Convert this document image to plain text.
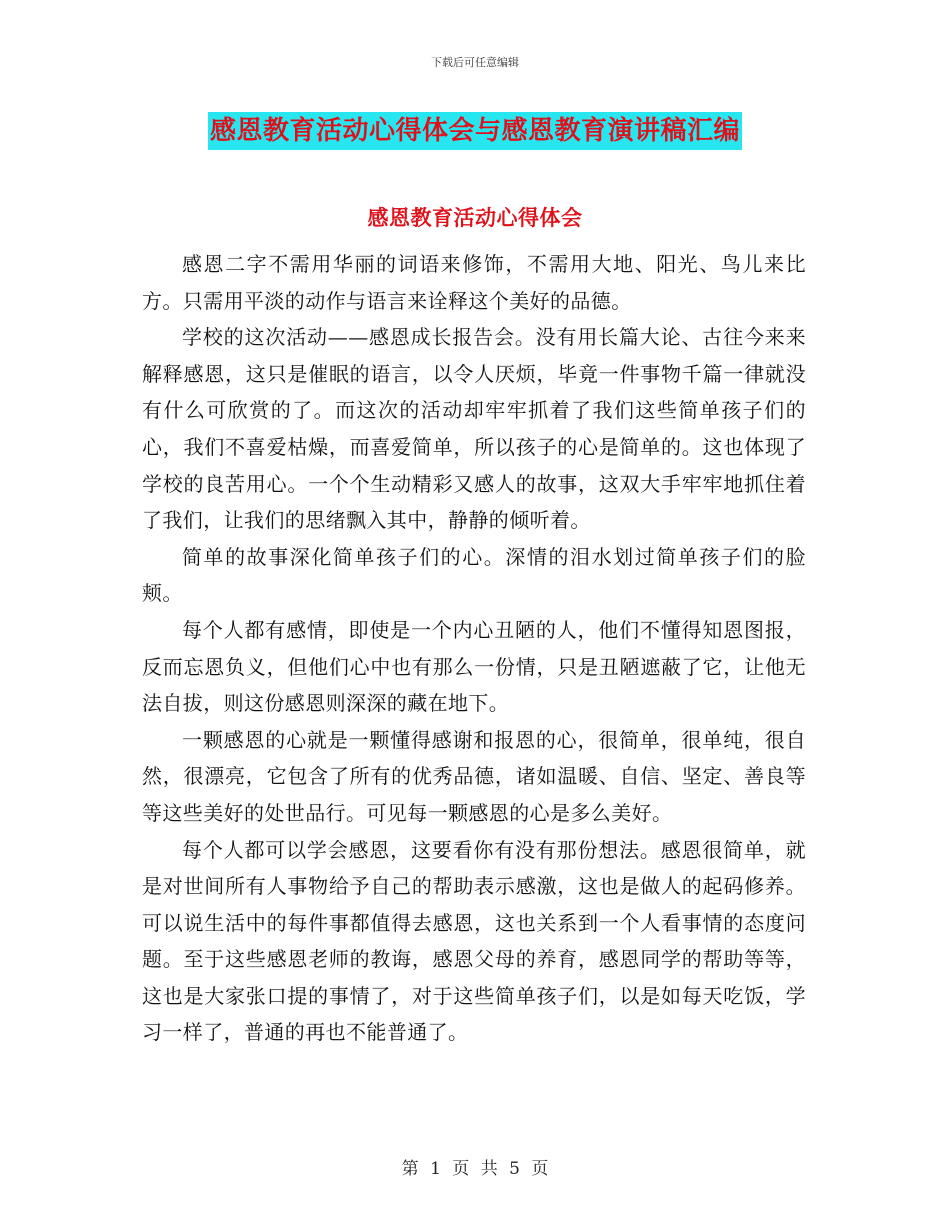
下载后可任意编辑
感恩教育活动心得体会与感恩教育演讲稿汇编
感恩教育活动心得体会

感恩二字不需用华丽的词语来修饰，不需用大地、阳光、鸟儿来比方。只需用平淡的动作与语言来诠释这个美好的品德。

学校的这次活动——感恩成长报告会。没有用长篇大论、古往今来来解释感恩，这只是催眠的语言，以令人厌烦，毕竟一件事物千篇一律就没有什么可欣赏的了。而这次的活动却牢牢抓着了我们这些简单孩子们的心，我们不喜爱枯燥，而喜爱简单，所以孩子的心是简单的。这也体现了学校的良苦用心。一个个生动精彩又感人的故事，这双大手牢牢地抓住着了我们，让我们的思绪飘入其中，静静的倾听着。

简单的故事深化简单孩子们的心。深情的泪水划过简单孩子们的脸颊。

每个人都有感情，即使是一个内心丑陋的人，他们不懂得知恩图报，反而忘恩负义，但他们心中也有那么一份情，只是丑陋遮蔽了它，让他无法自拔，则这份感恩则深深的藏在地下。

一颗感恩的心就是一颗懂得感谢和报恩的心，很简单，很单纯，很自然，很漂亮，它包含了所有的优秀品德，诸如温暖、自信、坚定、善良等等这些美好的处世品行。可见每一颗感恩的心是多么美好。

每个人都可以学会感恩，这要看你有没有那份想法。感恩很简单，就是对世间所有人事物给予自己的帮助表示感激，这也是做人的起码修养。可以说生活中的每件事都值得去感恩，这也关系到一个人看事情的态度问题。至于这些感恩老师的教诲，感恩父母的养育，感恩同学的帮助等等，这也是大家张口提的事情了，对于这些简单孩子们，以是如每天吃饭，学习一样了，普通的再也不能普通了。

第 1 页 共 5 页
